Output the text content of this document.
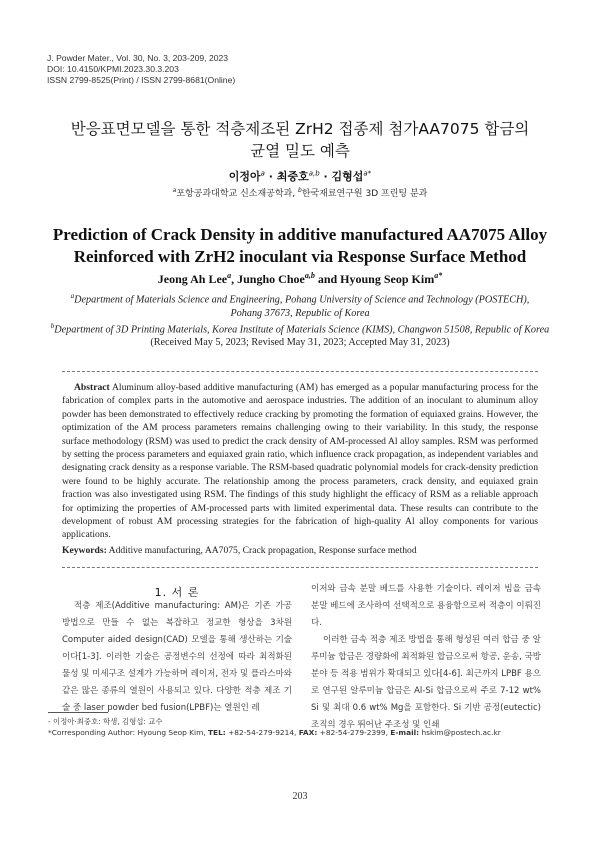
J. Powder Mater., Vol. 30, No. 3, 203-209, 2023
DOI: 10.4150/KPMI.2023.30.3.203
ISSN 2799-8525(Print) / ISSN 2799-8681(Online)
반응표면모델을 통한 적층제조된 ZrH2 접종제 첨가AA7075 합금의
균열 밀도 예측
이정아$^a$ · 최중호$^{a,b}$ · 김형섭$^{a*}$
$^a$포항공과대학교 신소재공학과, $^b$한국재료연구원 3D 프린팅 분과
Prediction of Crack Density in additive manufactured AA7075 Alloy
Reinforced with ZrH2 inoculant via Response Surface Method
Jeong Ah Lee$^a$, Jungho Choe$^{a,b}$ and Hyoung Seop Kim$^{a*}$
$^a$Department of Materials Science and Engineering, Pohang University of Science and Technology (POSTECH),
Pohang 37673, Republic of Korea
$^b$Department of 3D Printing Materials, Korea Institute of Materials Science (KIMS), Changwon 51508, Republic of Korea
(Received May 5, 2023; Revised May 31, 2023; Accepted May 31, 2023)
Abstract Aluminum alloy-based additive manufacturing (AM) has emerged as a popular manufacturing process for the fabrication of complex parts in the automotive and aerospace industries. The addition of an inoculant to aluminum alloy powder has been demonstrated to effectively reduce cracking by promoting the formation of equiaxed grains. However, the optimization of the AM process parameters remains challenging owing to their variability. In this study, the response surface methodology (RSM) was used to predict the crack density of AM-processed Al alloy samples. RSM was performed by setting the process parameters and equiaxed grain ratio, which influence crack propagation, as independent variables and designating crack density as a response variable. The RSM-based quadratic polynomial models for crack-density prediction were found to be highly accurate. The relationship among the process parameters, crack density, and equiaxed grain fraction was also investigated using RSM. The findings of this study highlight the efficacy of RSM as a reliable approach for optimizing the properties of AM-processed parts with limited experimental data. These results can contribute to the development of robust AM processing strategies for the fabrication of high-quality Al alloy components for various applications.
Keywords: Additive manufacturing, AA7075, Crack propagation, Response surface method
1. 서 론

적층 제조(Additive manufacturing: AM)은 기존 가공 방법으로 만들 수 없는 복잡하고 정교한 형상을 3차원 Computer aided design(CAD) 모델을 통해 생산하는 기술이다[1-3]. 이러한 기술은 공정변수의 선정에 따라 최적화된 물성 및 미세구조 설계가 가능하며 레이저, 전자 및 플라스마와 같은 많은 종류의 열원이 사용되고 있다. 다양한 적층 제조 기술 중 laser powder bed fusion(LPBF)는 열원인 레

이저와 금속 분말 베드를 사용한 기술이다. 레이저 빔을 금속 분말 베드에 조사하여 선택적으로 용융함으로써 적층이 이뤄진다.

이러한 금속 적층 제조 방법을 통해 형성된 여러 합금 중 알루미늄 합금은 경량화에 최적화된 합금으로써 항공, 운송, 국방 분야 등 적용 범위가 확대되고 있다[4-6]. 최근까지 LPBF 용으로 연구된 알루미늄 합금은 Al-Si 합금으로써 주로 7-12 wt% Si 및 최대 0.6 wt% Mg을 포함한다. Si 기반 공정(eutectic)조직의 경우 뛰어난 주조성 및 인쇄

- 이정아·최중호: 학생, 김형섭: 교수
*Corresponding Author: Hyoung Seop Kim, TEL: +82-54-279-9214, FAX: +82-54-279-2399, E-mail: hskim@postech.ac.kr
203
